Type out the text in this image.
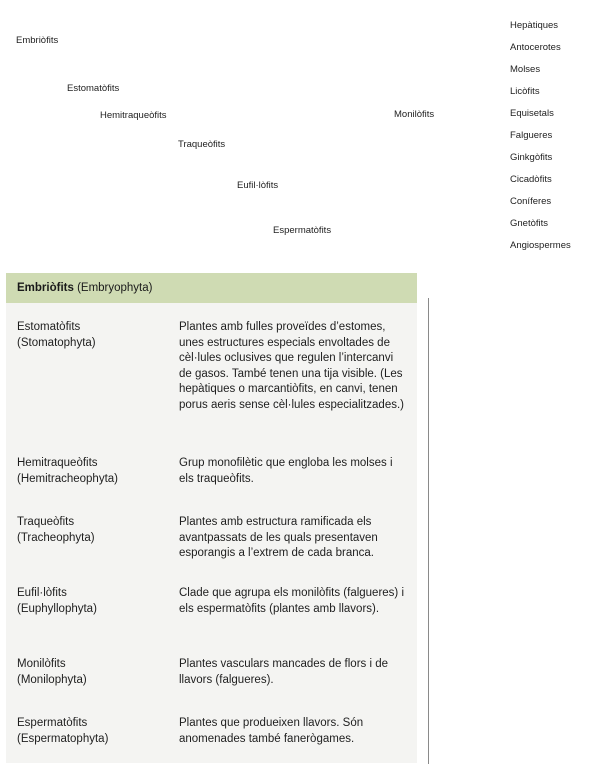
Embriòfits
Estomatòfits
Hemitraqueòfits
Traqueòfits
Eufil·lòfits
Espermatòfits
Monilòfits
Hepàtiques
Antocerotes
Molses
Licòfits
Equisetals
Falgueres
Ginkgòfits
Cicadòfits
Coníferes
Gnetòfits
Angiospermes
Embriòfits (Embryophyta)
Estomatòfits
(Stomatophyta)
Plantes amb fulles proveïdes d’estomes, unes estructures especials envoltades de cèl·lules oclusives que regulen l’intercanvi de gasos. També tenen una tija visible. (Les hepàtiques o marcantiòfits, en canvi, tenen porus aeris sense cèl·lules especialitzades.)
Hemitraqueòfits
(Hemitracheophyta)
Grup monofilètic que engloba les molses i els traqueòfits.
Traqueòfits
(Tracheophyta)
Plantes amb estructura ramificada els avantpassats de les quals presentaven esporangis a l’extrem de cada branca.
Eufil·lòfits
(Euphyllophyta)
Clade que agrupa els monilòfits (falgueres) i els espermatòfits (plantes amb llavors).
Monilòfits
(Monilophyta)
Plantes vasculars mancades de flors i de llavors (falgueres).
Espermatòfits
(Espermatophyta)
Plantes que produeixen llavors. Són anomenades també fanerògames.
